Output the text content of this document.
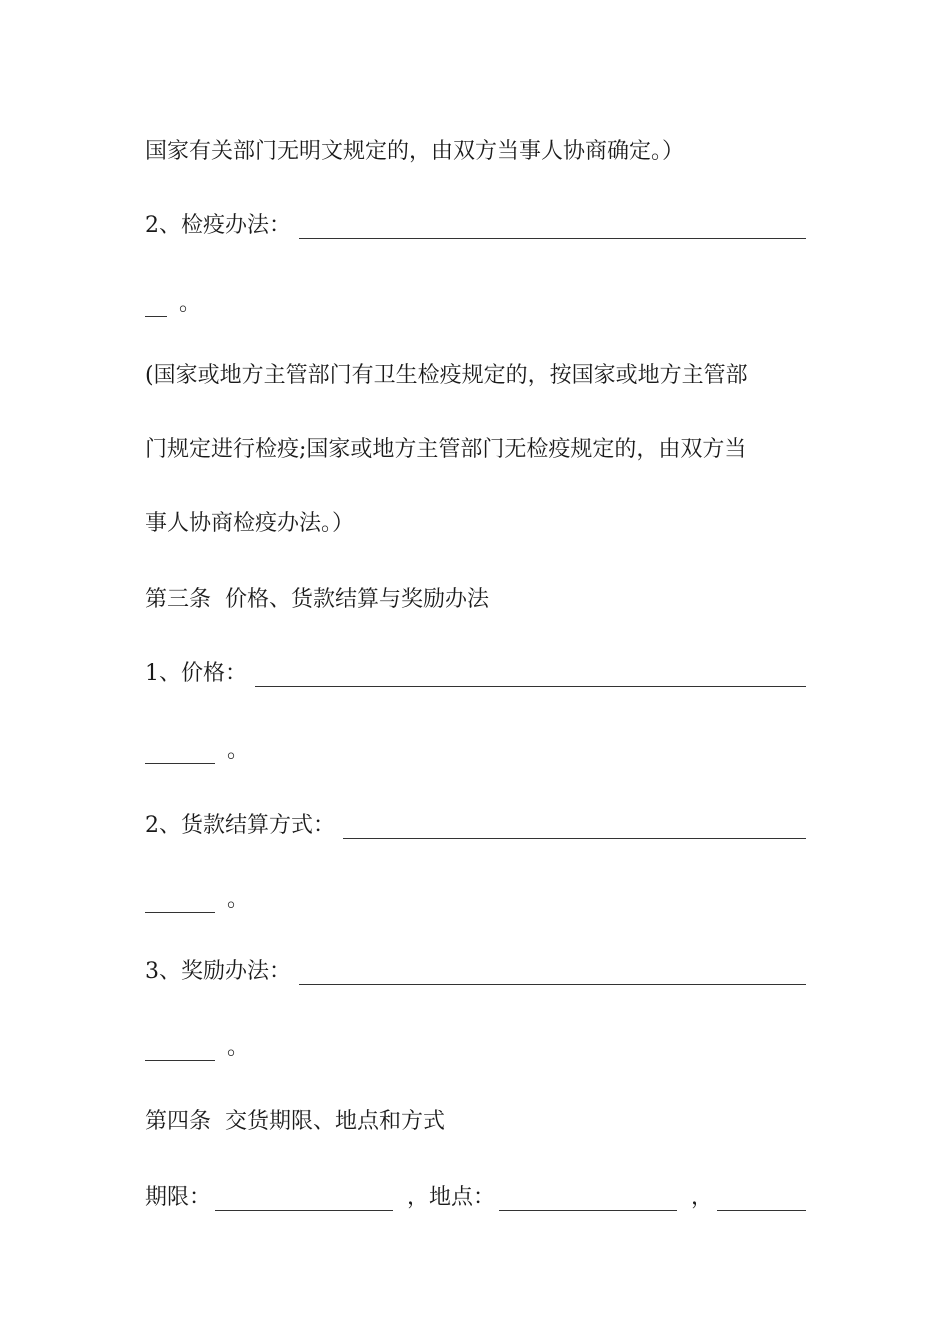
国家有关部门无明文规定的，由双方当事人协商确定。）
2、检疫办法：
。
(国家或地方主管部门有卫生检疫规定的，按国家或地方主管部
门规定进行检疫;国家或地方主管部门无检疫规定的，由双方当
事人协商检疫办法。）
第三条  价格、货款结算与奖励办法
1、价格：
。
2、货款结算方式：
。
3、奖励办法：
。
第四条  交货期限、地点和方式
期限：	，地点：	，
